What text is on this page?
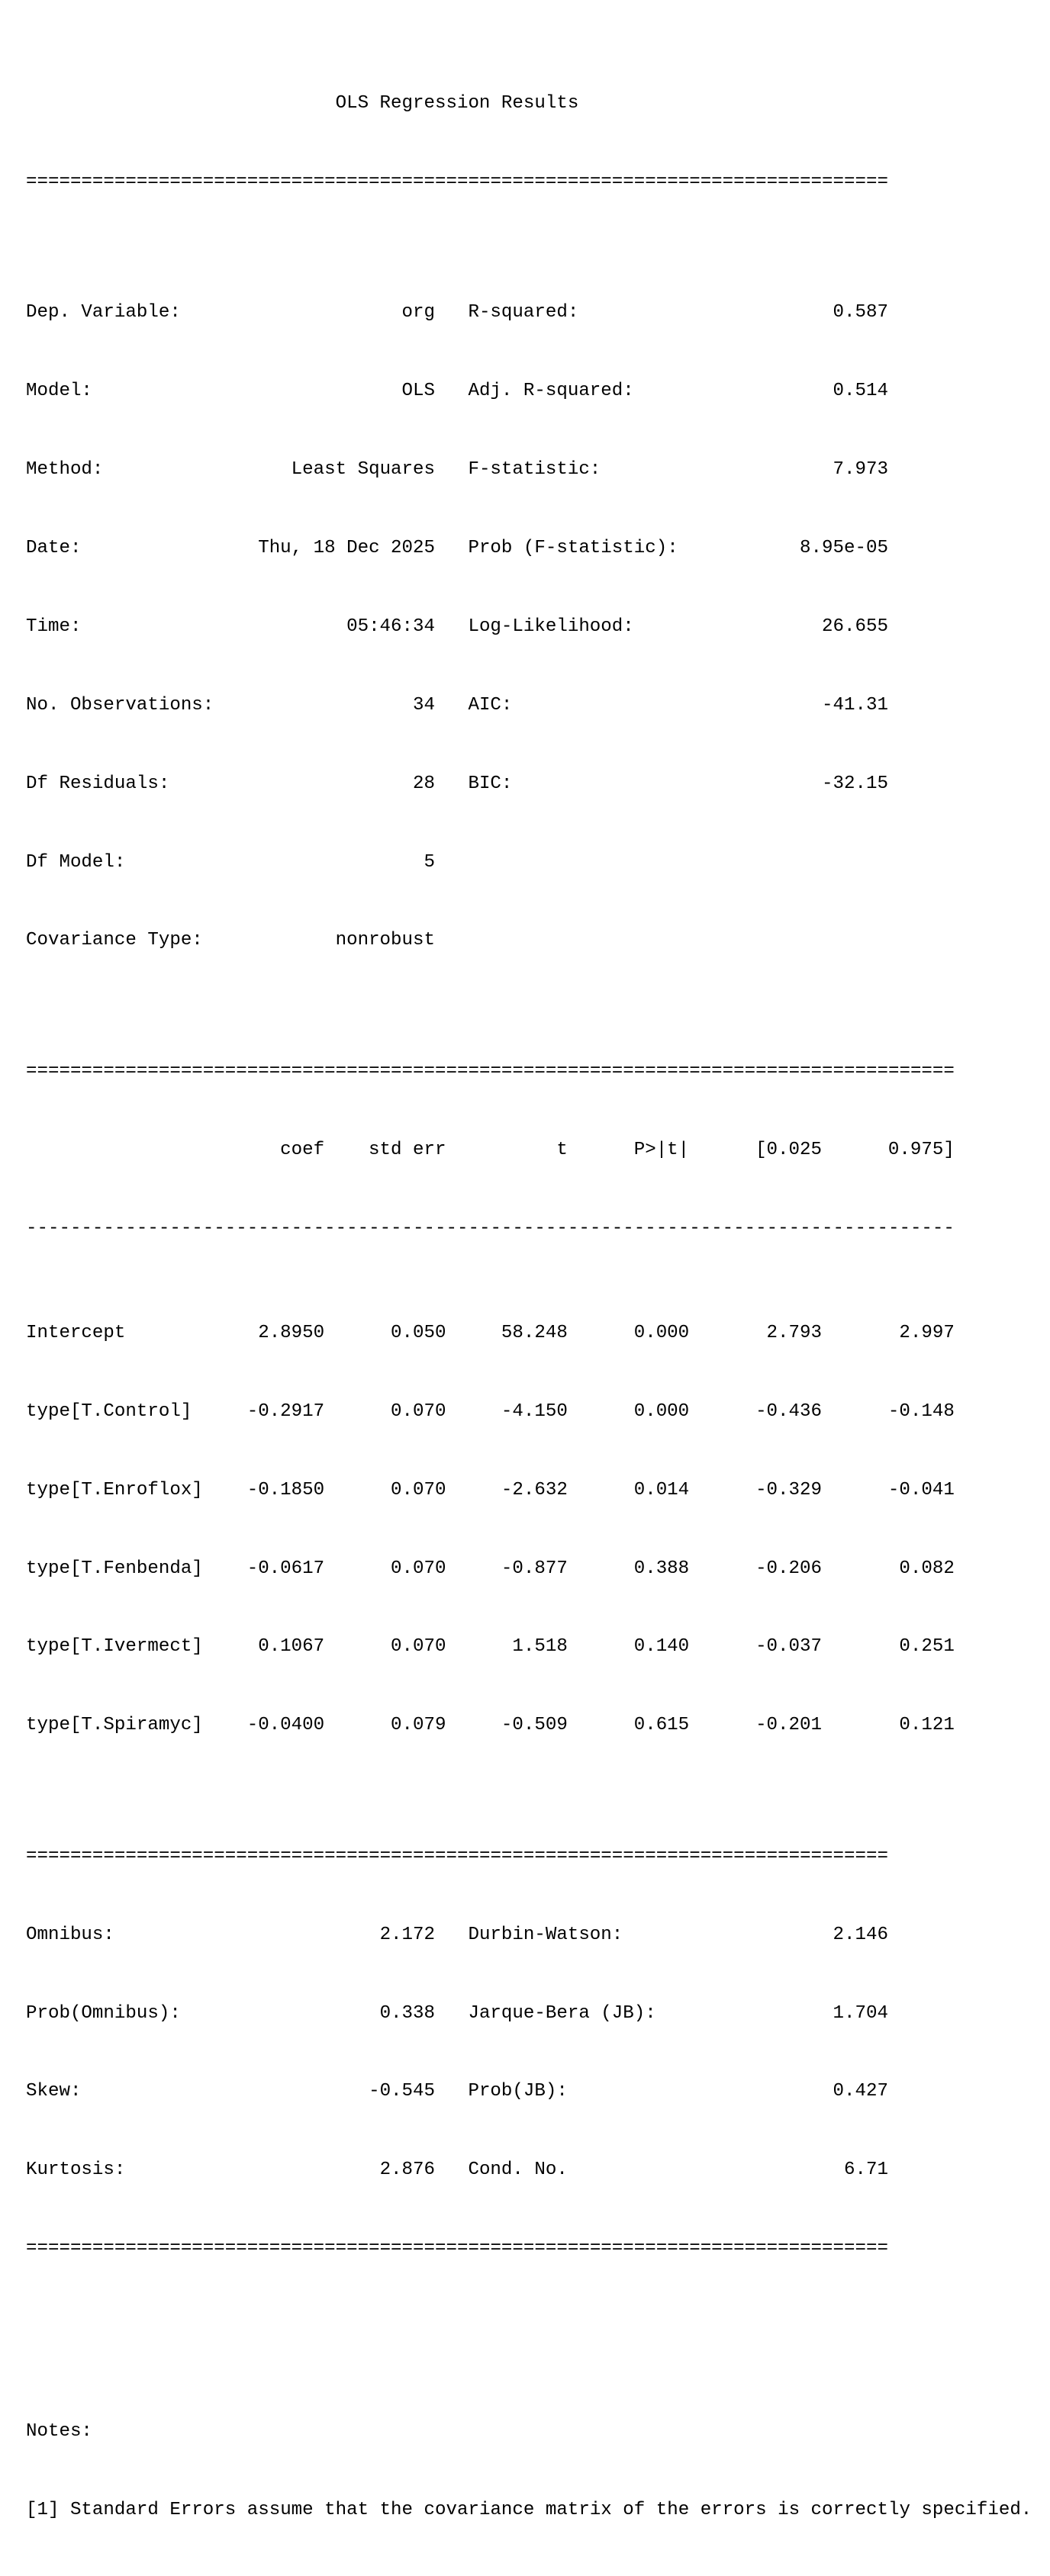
OLS Regression Results

==============================================================================

Dep. Variable:	org R-squared:	0.587

Model:	OLS Adj. R-squared:	0.514

Method:	Least Squares F-statistic:	7.973

Date:	Thu, 18 Dec 2025 Prob (F-statistic):	8.95e-05

Time:	05:46:34 Log-Likelihood:	26.655

No. Observations:	34 AIC:	-41.31

Df Residuals:	28 BIC:	-32.15

Df Model:	5

Covariance Type:	nonrobust

====================================================================================

coef	std err	t	P>|t|	[0.025	0.975]

------------------------------------------------------------------------------------

Intercept	2.8950	0.050	58.248	0.000	2.793	2.997

type[T.Control]	-0.2917	0.070	-4.150	0.000	-0.436	-0.148

type[T.Enroflox]	-0.1850	0.070	-2.632	0.014	-0.329	-0.041

type[T.Fenbenda]	-0.0617	0.070	-0.877	0.388	-0.206	0.082

type[T.Ivermect]	0.1067	0.070	1.518	0.140	-0.037	0.251

type[T.Spiramyc]	-0.0400	0.079	-0.509	0.615	-0.201	0.121

==============================================================================

Omnibus:	2.172 Durbin-Watson:	2.146

Prob(Omnibus):	0.338 Jarque-Bera (JB):	1.704

Skew:	-0.545 Prob(JB):	0.427

Kurtosis:	2.876 Cond. No.	6.71

==============================================================================

Notes:

[1] Standard Errors assume that the covariance matrix of the errors is correctly specified.
